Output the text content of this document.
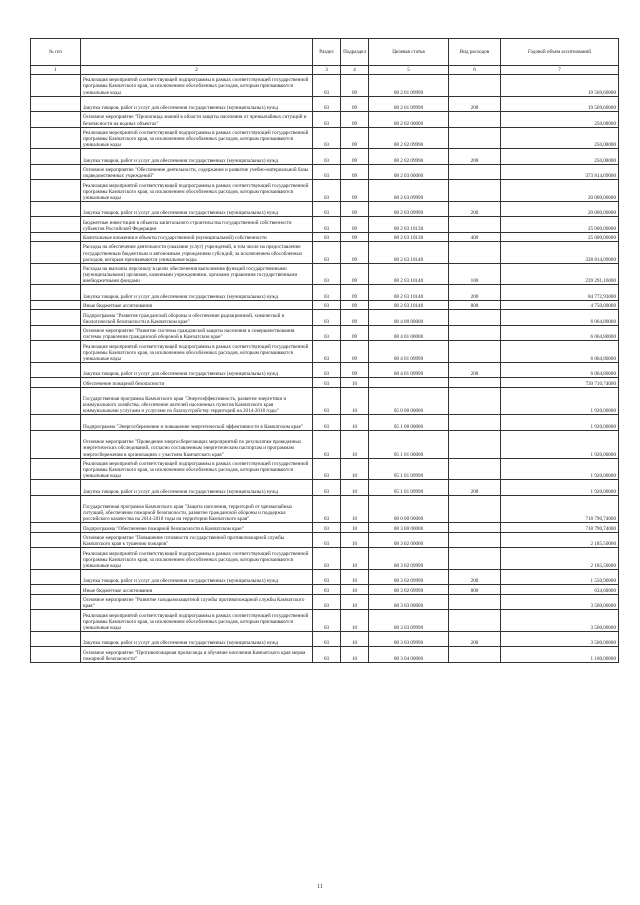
№ п/п		Раздел	Подраздел	Целевая статья	Вид расходов	Годовой объем ассигнований
1	2	3	4	5	6	7
	Реализация мероприятий соответствующей подпрограммы в рамках соответствующей государственной программы Камчатского края, за исключением обособленных расходов, которым присваиваются уникальные коды	03	09	08 2 01 09990		19 569,60000
	Закупка товаров, работ и услуг для обеспечения государственных (муниципальных) нужд	03	09	08 2 01 09990	200	19 569,60000
	Основное мероприятие "Пропаганда знаний в области защиты населения от чрезвычайных ситуаций и безопасности на водных объектах"	03	09	08 2 02 00000		250,00000
	Реализация мероприятий соответствующей подпрограммы в рамках соответствующей государственной программы Камчатского края, за исключением обособленных расходов, которым присваиваются уникальные коды	03	09	08 2 02 09990		250,00000
	Закупка товаров, работ и услуг для обеспечения государственных (муниципальных) нужд	03	09	08 2 02 09990	200	250,00000
	Основное мероприятие "Обеспечение деятельности, содержание и развитие учебно-материальной базы подведомственных учреждений"	03	09	08 2 03 00000		373 814,09000
	Реализация мероприятий соответствующей подпрограммы в рамках соответствующей государственной программы Камчатского края, за исключением обособленных расходов, которым присваиваются уникальные коды	03	09	08 2 03 09990		20 000,00000
	Закупка товаров, работ и услуг для обеспечения государственных (муниципальных) нужд	03	09	08 2 03 09990	200	20 000,00000
	Бюджетные инвестиции в объекты капитального строительства государственной собственности субъектов Российской Федерации	03	09	08 2 03 10130		25 000,00000
	Капитальные вложения в объекты государственной (муниципальной) собственности	03	09	08 2 03 10130	400	25 000,00000
	Расходы на обеспечение деятельности (оказание услуг) учреждений, в том числе на предоставление государственным бюджетным и автономным учреждениям субсидий, за исключением обособленных расходов, которым присваиваются уникальные коды	03	09	08 2 03 10140		328 814,09000
	Расходы на выплаты персоналу в целях обеспечения выполнения функций государственными (муниципальными) органами, казенными учреждениями, органами управления государственными внебюджетными фондами	03	09	08 2 03 10140	100	239 291,16000
	Закупка товаров, работ и услуг для обеспечения государственных (муниципальных) нужд	03	09	08 2 03 10140	200	84 772,93000
	Иные бюджетные ассигнования	03	09	08 2 03 10140	800	4 750,00000
	Подпрограмма "Развитие гражданской обороны и обеспечение радиационной, химической и биологической безопасности в Камчатском крае"	03	09	08 4 00 00000		6 064,80000
	Основное мероприятие "Развитие системы гражданской защиты населения и совершенствования системы управления гражданской обороной в Камчатском крае"	03	09	08 4 01 00000		6 064,80000
	Реализация мероприятий соответствующей подпрограммы в рамках соответствующей государственной программы Камчатского края, за исключением обособленных расходов, которым присваиваются уникальные коды	03	09	08 4 01 09990		6 064,80000
	Закупка товаров, работ и услуг для обеспечения государственных (муниципальных) нужд	03	09	08 4 01 09990	200	6 064,80000
	Обеспечение пожарной безопасности	03	10			720 710,74000
	Государственная программа Камчатского края "Энергоэффективность, развитие энергетики и коммунального хозяйства, обеспечение жителей населенных пунктов Камчатского края коммунальными услугами и услугами по благоустройству территорий на 2014-2018 годы"	03	10	05 0 00 00000		1 920,00000
	Подпрограмма "Энергосбережение и повышение энергетической эффективности в Камчатском крае"	03	10	05 1 00 00000		1 920,00000
	Основное мероприятие "Проведение энергосберегающих мероприятий по результатам проведенных энергетических обследований, согласно составленным энергетическим паспортам и программам энергосбережения в организациях с участием Камчатского края"	03	10	05 1 01 00000		1 920,00000
	Реализация мероприятий соответствующей подпрограммы в рамках соответствующей государственной программы Камчатского края, за исключением обособленных расходов, которым присваиваются уникальные коды	03	10	05 1 01 09990		1 920,00000
	Закупка товаров, работ и услуг для обеспечения государственных (муниципальных) нужд	03	10	05 1 01 09990	200	1 920,00000
	Государственная программа Камчатского края "Защита населения, территорий от чрезвычайных ситуаций, обеспечение пожарной безопасности, развитие гражданской обороны и поддержка российского казачества на 2014-2018 годы на территории Камчатского края"	03	10	08 0 00 00000		718 790,74000
	Подпрограмма "Обеспечение пожарной безопасности в Камчатском крае"	03	10	08 3 00 00000		718 790,74000
	Основное мероприятие "Повышение готовности государственной противопожарной службы Камчатского края к тушению пожаров"	03	10	08 3 02 00000		2 185,50000
	Реализация мероприятий соответствующей подпрограммы в рамках соответствующей государственной программы Камчатского края, за исключением обособленных расходов, которым присваиваются уникальные коды	03	10	08 3 02 09990		2 185,50000
	Закупка товаров, работ и услуг для обеспечения государственных (муниципальных) нужд	03	10	08 3 02 09990	200	1 550,90000
	Иные бюджетные ассигнования	03	10	08 3 02 09990	800	634,60000
	Основное мероприятие "Развитие газодымозащитной службы противопожарной службы Камчатского края"	03	10	08 3 03 00000		3 500,00000
	Реализация мероприятий соответствующей подпрограммы в рамках соответствующей государственной программы Камчатского края, за исключением обособленных расходов, которым присваиваются уникальные коды	03	10	08 3 03 09990		3 500,00000
	Закупка товаров, работ и услуг для обеспечения государственных (муниципальных) нужд	03	10	08 3 03 09990	200	3 500,00000
	Основное мероприятие "Противопожарная пропаганда и обучение населения Камчатского края мерам пожарной безопасности"	03	10	08 3 04 00000		1 100,00000
11
